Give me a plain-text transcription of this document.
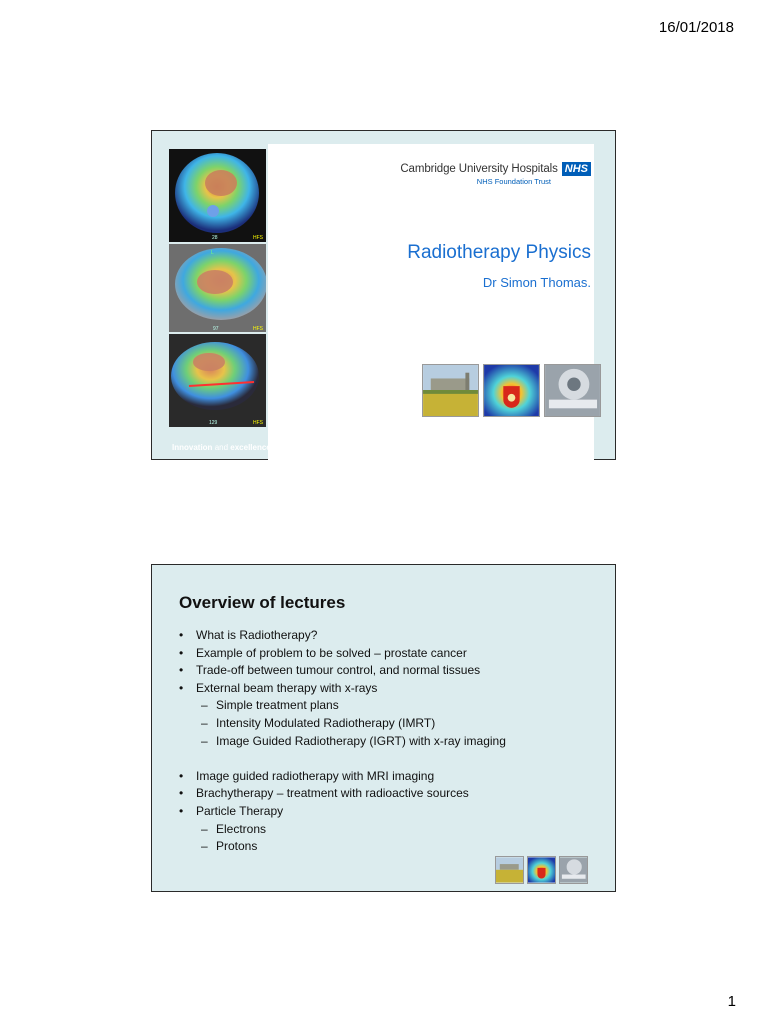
16/01/2018
1
28	HFS
L
97	HFS
129	HFS
Cambridge University Hospitals NHS
NHS Foundation Trust
Radiotherapy Physics
Dr Simon Thomas.
Innovation and excellence in health and care	Addenbrooke's Hospital I Rosie Hospital
Overview of lectures
• What is Radiotherapy?
• Example of problem to be solved – prostate cancer
• Trade-off between tumour control, and normal tissues
• External beam therapy with x-rays
– Simple treatment plans
– Intensity Modulated Radiotherapy (IMRT)
– Image Guided Radiotherapy (IGRT) with x-ray imaging
• Image guided radiotherapy with MRI imaging
• Brachytherapy – treatment with radioactive sources
• Particle Therapy
– Electrons
– Protons
